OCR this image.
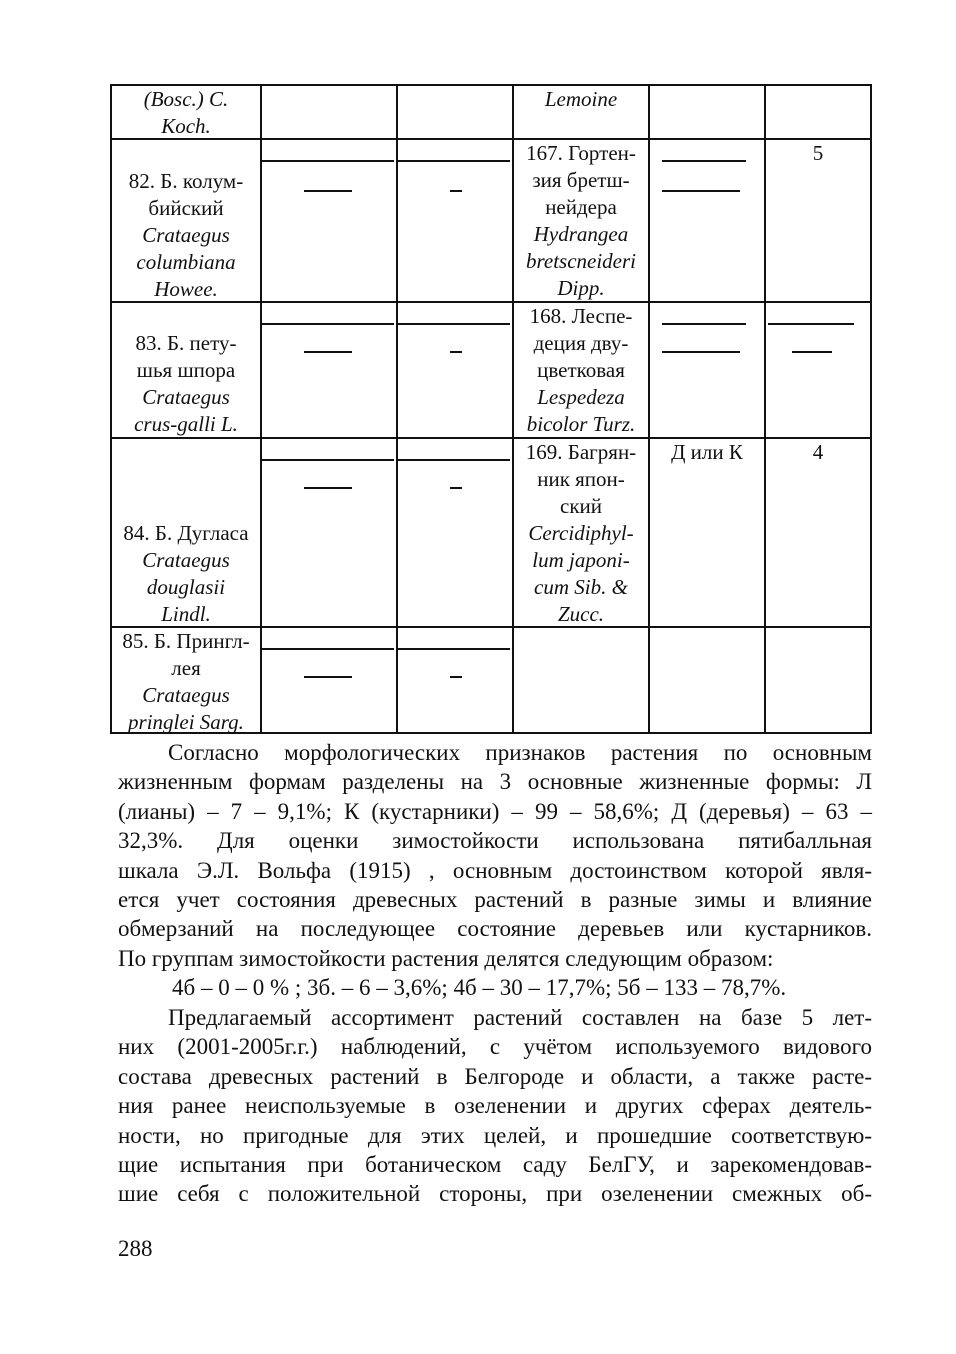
(Bosc.) C.
Koch.
Lemoine
82. Б. колум-
бийский
Crataegus
columbiana
Howee.
167. Гортен-
зия бретш-
нейдера
Hydrangea
bretscneideri
Dipp.
5
83. Б. пету-
шья шпора
Crataegus
crus-galli L.
168. Леспе-
деция дву-
цветковая
Lespedeza
bicolor Turz.
84. Б. Дугласа
Crataegus
douglasii
Lindl.
169. Багрян-
ник япон-
ский
Cercidiphyl-
lum japoni-
cum Sib. &
Zucc.
Д или К	4
85. Б. Прингл-
лея
Crataegus
pringlei Sarg.
Согласно морфологических признаков растения по основным
жизненным формам разделены на 3 основные жизненные формы: Л
(лианы) – 7 – 9,1%; К (кустарники) – 99 – 58,6%; Д (деревья) – 63 –
32,3%. Для оценки зимостойкости использована пятибалльная
шкала Э.Л. Вольфа (1915) , основным достоинством которой явля-
ется учет состояния древесных растений в разные зимы и влияние
обмерзаний на последующее состояние деревьев или кустарников.
По группам зимостойкости растения делятся следующим образом:
4б – 0 – 0 % ; 3б. – 6 – 3,6%; 4б – 30 – 17,7%; 5б – 133 – 78,7%.
Предлагаемый ассортимент растений составлен на базе 5 лет-
них (2001-2005г.г.) наблюдений, с учётом используемого видового
состава древесных растений в Белгороде и области, а также расте-
ния ранее неиспользуемые в озеленении и других сферах деятель-
ности, но пригодные для этих целей, и прошедшие соответствую-
щие испытания при ботаническом саду БелГУ, и зарекомендовав-
шие себя с положительной стороны, при озеленении смежных об-
288
